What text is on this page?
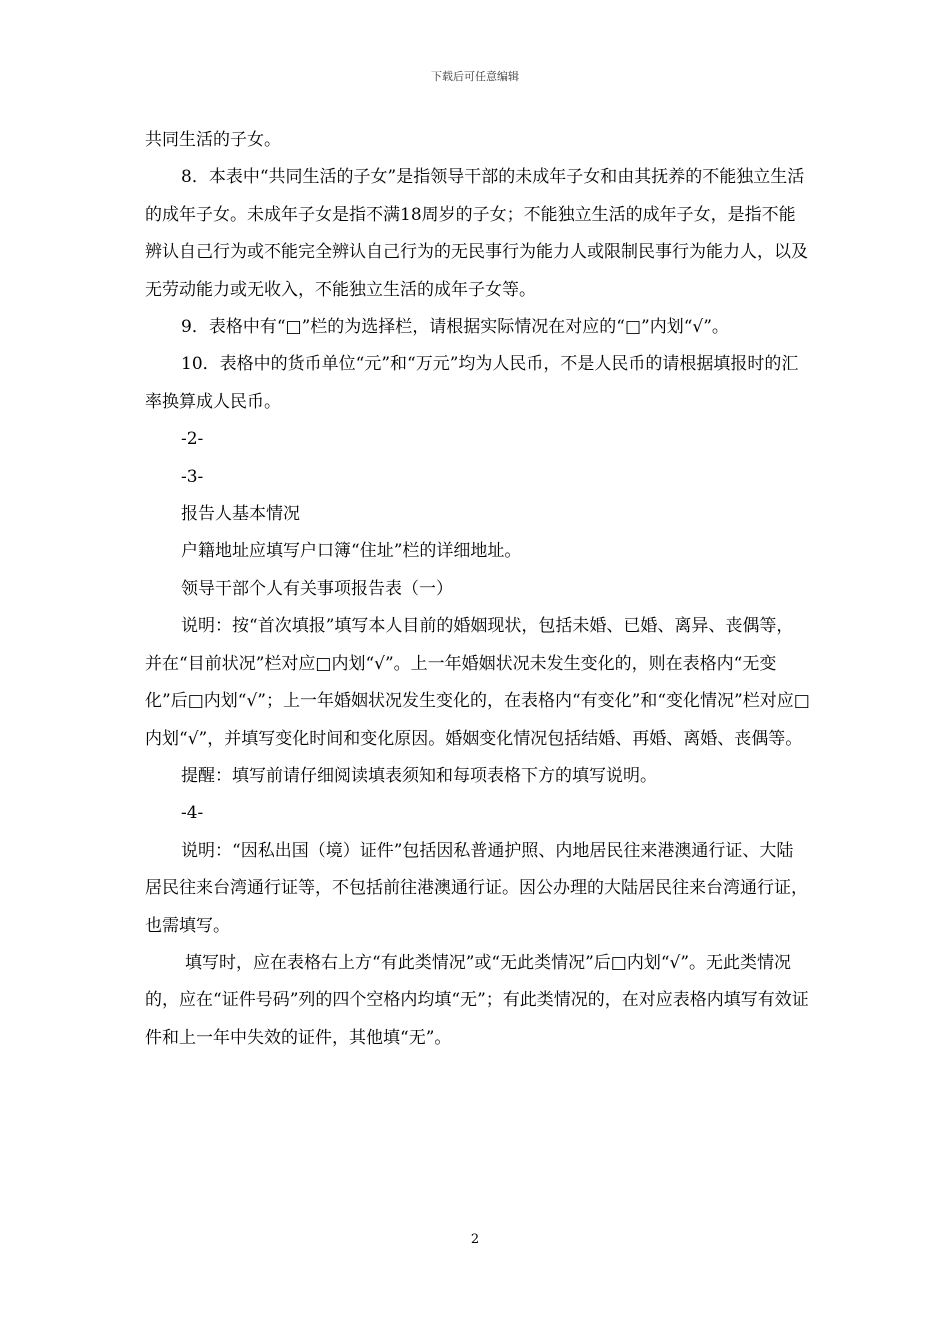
下载后可任意编辑

共同生活的子女。

8．本表中“共同生活的子女”是指领导干部的未成年子女和由其抚养的不能独立生活的成年子女。未成年子女是指不满18周岁的子女；不能独立生活的成年子女，是指不能辨认自己行为或不能完全辨认自己行为的无民事行为能力人或限制民事行为能力人，以及无劳动能力或无收入，不能独立生活的成年子女等。

9．表格中有“□”栏的为选择栏，请根据实际情况在对应的“□”内划“√”。

10．表格中的货币单位“元”和“万元”均为人民币，不是人民币的请根据填报时的汇率换算成人民币。

-2-

-3-

报告人基本情况

户籍地址应填写户口簿“住址”栏的详细地址。

领导干部个人有关事项报告表（一）

说明：按“首次填报”填写本人目前的婚姻现状，包括未婚、已婚、离异、丧偶等，并在“目前状况”栏对应□内划“√”。上一年婚姻状况未发生变化的，则在表格内“无变化”后□内划“√”；上一年婚姻状况发生变化的，在表格内“有变化”和“变化情况”栏对应□内划“√”，并填写变化时间和变化原因。婚姻变化情况包括结婚、再婚、离婚、丧偶等。

提醒：填写前请仔细阅读填表须知和每项表格下方的填写说明。

-4-

说明：“因私出国（境）证件”包括因私普通护照、内地居民往来港澳通行证、大陆居民往来台湾通行证等，不包括前往港澳通行证。因公办理的大陆居民往来台湾通行证，也需填写。

填写时，应在表格右上方“有此类情况”或“无此类情况”后□内划“√”。无此类情况的，应在“证件号码”列的四个空格内均填“无”；有此类情况的，在对应表格内填写有效证件和上一年中失效的证件，其他填“无”。

2
